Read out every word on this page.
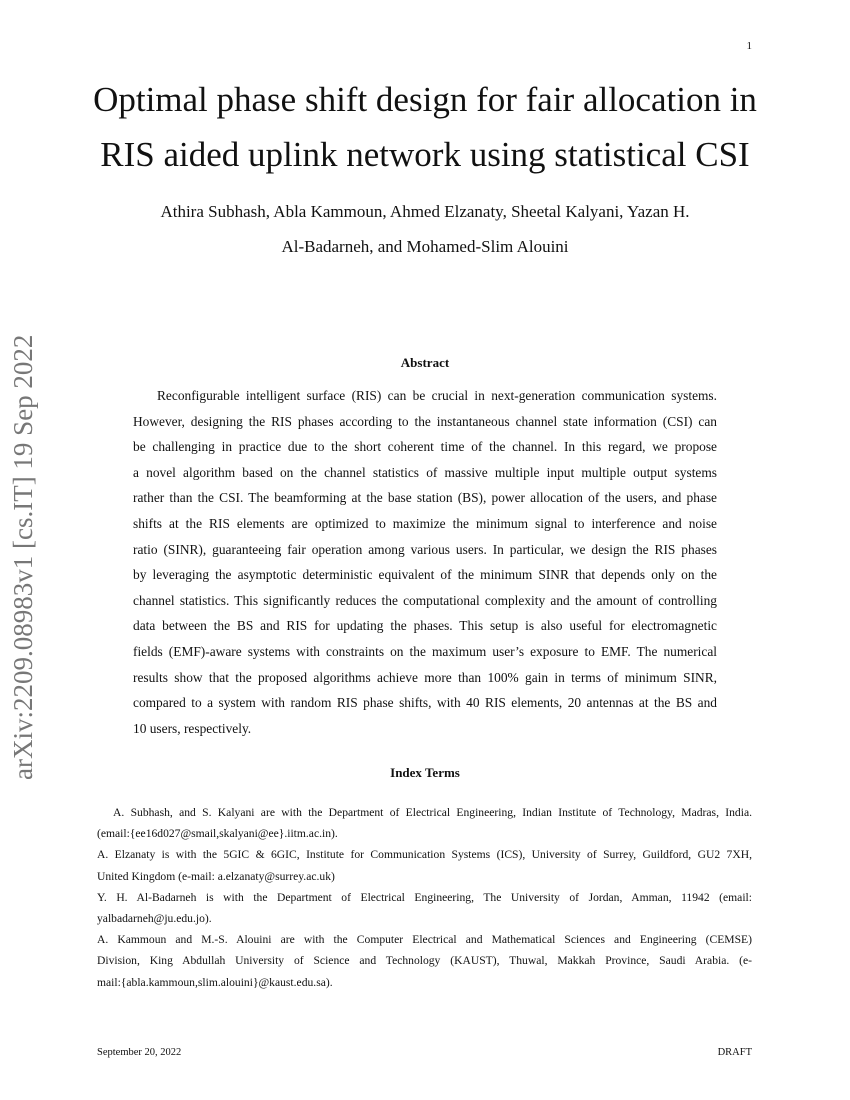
1
arXiv:2209.08983v1 [cs.IT] 19 Sep 2022
Optimal phase shift design for fair allocation in
RIS aided uplink network using statistical CSI
Athira Subhash, Abla Kammoun, Ahmed Elzanaty, Sheetal Kalyani, Yazan H.
Al-Badarneh, and Mohamed-Slim Alouini
Abstract
Reconfigurable intelligent surface (RIS) can be crucial in next-generation communication systems.
However, designing the RIS phases according to the instantaneous channel state information (CSI) can
be challenging in practice due to the short coherent time of the channel. In this regard, we propose
a novel algorithm based on the channel statistics of massive multiple input multiple output systems
rather than the CSI. The beamforming at the base station (BS), power allocation of the users, and phase
shifts at the RIS elements are optimized to maximize the minimum signal to interference and noise
ratio (SINR), guaranteeing fair operation among various users. In particular, we design the RIS phases
by leveraging the asymptotic deterministic equivalent of the minimum SINR that depends only on the
channel statistics. This significantly reduces the computational complexity and the amount of controlling
data between the BS and RIS for updating the phases. This setup is also useful for electromagnetic
fields (EMF)-aware systems with constraints on the maximum user’s exposure to EMF. The numerical
results show that the proposed algorithms achieve more than 100% gain in terms of minimum SINR,
compared to a system with random RIS phase shifts, with 40 RIS elements, 20 antennas at the BS and
10 users, respectively.
Index Terms
A. Subhash, and S. Kalyani are with the Department of Electrical Engineering, Indian Institute of Technology, Madras, India.
(email:{ee16d027@smail,skalyani@ee}.iitm.ac.in).
A. Elzanaty is with the 5GIC & 6GIC, Institute for Communication Systems (ICS), University of Surrey, Guildford, GU2 7XH,
United Kingdom (e-mail: a.elzanaty@surrey.ac.uk)
Y. H. Al-Badarneh is with the Department of Electrical Engineering, The University of Jordan, Amman, 11942 (email:
yalbadarneh@ju.edu.jo).
A. Kammoun and M.-S. Alouini are with the Computer Electrical and Mathematical Sciences and Engineering (CEMSE)
Division, King Abdullah University of Science and Technology (KAUST), Thuwal, Makkah Province, Saudi Arabia. (e-
mail:{abla.kammoun,slim.alouini}@kaust.edu.sa).
September 20, 2022	DRAFT
